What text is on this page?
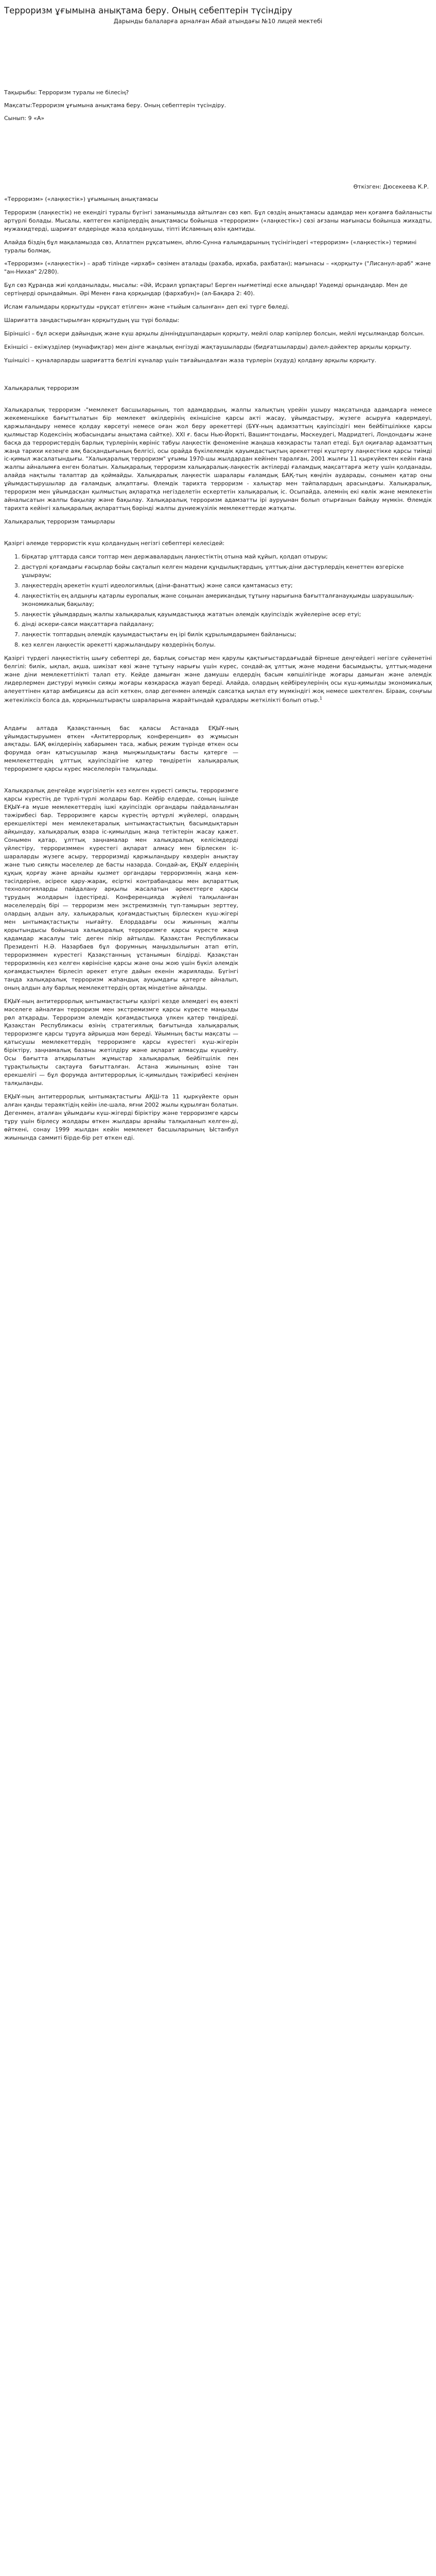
Терроризм ұғымына анықтама беру. Оның себептерін түсіндіру
Дарынды балаларға арналған Абай атындағы №10 лицей мектебі

Тақырыбы: Терроризм туралы не білесің?

Мақсаты:Терроризм ұғымына анықтама беру. Оның себептерін түсіндіру.

Сынып: 9 «А»

Өткізген: Дюсекеева К.Р.

«Терроризм» («лаңкестік») ұғымының анықтамасы

Терроризм (лаңкестік) не екендігі туралы бүгінгі заманымызда айтылған сөз көп. Бұл сөздің анықтамасы адамдар мен қоғамға байланысты әртүрлі болады. Мысалы, көптеген кәпірлердің анықтамасы бойынша «терроризм» («лаңкестік») сөзі ағзаны мағынасы бойынша жихадты, мужахидтерді, шариғат елдерінде жаза қолданушы, тіпті Исламның өзін қамтиды.

Алайда біздің бұл мақаламызда сөз, Аллатпен рұқсатымен, әһлю-Сунна ғалымдарының түсінігіндегі «терроризм» («лаңкестік») термині туралы болмақ.

«Терроризм» («лаңкестік») – араб тілінде «ирхаб» сөзімен аталады (рахаба, ирхаба, рахбатан); мағынасы – «қорқыту» ("Лисанул-араб" және "ан-Нихая" 2/280).

Бұл сөз Құранда жиі қолданылады, мысалы: «Әй, Исраил ұрпақтары! Берген нығметімді еске алыңдар! Уәдемді орындаңдар. Мен де сертіңерді орындаймын. Әрі Менен ғана қорқыңдар (фархабун)» (әл-Бақара 2: 40).

Ислам ғалымдары қорқытуды «рұқсат етілген» және «тыйым салынған» деп екі түрге бөледі.

Шариғатта заңдастырылған қорқытудың үш түрі болады:

Біріншісі – бұл әскери дайындық және күш арқылы дінніңдұшпандарын қорқыту, мейлі олар кәпірлер болсын, мейлі мұсылмандар болсын.

Екіншісі – екіжүзділер (мунафиқтар) мен дінге жаңалық енгізуді жақтаушыларды (бидғатшыларды) дәлел-дәйектер арқылы қорқыту.

Үшіншісі – қуналарларды шариғатта белгілі күналар үшін тағайындалған жаза түрлерін (худуд) қолдану арқылы қорқыту.

Халықаралық терроризм

Халықаралық терроризм -"мемлекет басшыларының, топ адамдардың, жалпы халықтың үрейін ушыру мақсатында адамдарға немесе жекеменшікке бағыттылатын бір мемлекет өкілдерінің екіншісіне қарсы акті жасау, ұйымдастыру, жүзеге асыруға көдермдеуі, қаржыландыру немесе қолдау көрсетуі немесе оған жол беру әрекеттері (БҰҰ-ның адамзаттың қауіпсіздігі мен бейбітшілікке қарсы қылмыстар Кодексінің жобасындағы анықтама сайтке). XXI ғ. басы Нью-Йоркті, Вашингтондағы, Мәскеудегі, Мадридтегі, Лондондағы және басқа да террористердің барлық түрлерінің көрініс табуы лаңкестік феноменіне жаңаша көзқарасты талап етеді. Бұл оқиғалар адамзаттың жаңа тарихи кезеңге аяқ басқандығының белгісі, осы орайда бүкілелемдік қауымдастықтың әрекеттері күштерту лаңкестікке қарсы тиімді іс-қимыл жасалатындығы. "Халықаралық терроризм" ұғымы 1970-шы жылдардан кейінен таралған, 2001 жылғы 11 қыркүйектен кейін ғана жалпы айналымға енген болатын. Халықаралық терроризм халықаралық-лаңкестік актілерді ғаламдық мақсаттарға жету үшін қолданады, алайда нақтылы талаптар да қоймайды. Халықаралық лаңкестік шаралары ғаламдық БАҚ-тың көңілін аударады, сонымен қатар оны ұйымдастырушылар да ғаламдық алқаптағы. Өлемдік тарихта терроризм - халықтар мен тайпалардың арасындағы. Халықаралық, терроризм мен ұйымдасқан қылмыстың ақпаратқа негізделетін ескертетін халықаралық іс. Осыпайда, әлемнің екі көлік және мемлекетін айналысатын жалпы бақылау және бақылау. Халықаралық терроризм адамзатты ірі ауруынан болып отырғанын байқау мүмкін. Өлемдік тарихта кейінгі халықаралық ақпараттың бәрінді жалпы дүниежүзілік мемлекеттерде жатқаты.

Халықаралық терроризм тамырлары

Қазіргі әлемде террористік күш қолданудың негізгі себептері келесідей:

1. бірқатар ұлттарда саяси топтар мен державалардың лаңкестіктің отына май құйып, қолдап отыруы;
2. дәстүрлі қоғамдағы ғасырлар бойы сақталып келген мәдени құндылықтардың, ұлттық-діни дәстүрлердің кенеттен өзгеріске ұшырауы;
3. лаңкестердің әрекетін күшті идеологиялық (діни-фанаттық) және саяси қамтамасыз ету;
4. лаңкестіктің ең алдыңғы қатарлы еуропалық және соңынан американдық тұтыну нарығына бағытталғанауқымды шаруашылық-экономикалық бақылау;
5. лаңкестік ұйымдардың жалпы халықаралық қауымдастыққа жататын әлемдік қауіпсіздік жүйелеріне әсер етуі;
6. дінді әскери-саяси мақсаттарға пайдалану;
7. лаңкестік топтардың әлемдік қауымдастықтағы ең ірі билік құрылымдарымен байланысы;
8. кез келген лаңкестік әрекетті қаржыландыру көздерінің болуы.

Қазіргі түрдегі лаңкестіктің шығу себептері де, барлық соғыстар мен қарулы қақтығыстардағыдай бірнеше деңгейдегі негізге сүйенетіні белгілі: билік, ықпал, ақша, шикізат көзі және тұтыну нарығы үшін күрес, сондай-ақ ұлттық және мәдени басымдықты, ұлттық-мәдени және діни мемлекеттілікті талап ету. Кейде дамыған және дамушы елдердің басым көпшілігінде жоғары дамыған және әлемдік лидерлермен дистуруі мүмкін сияқы жоғары көзқарасқа жауап береді. Алайда, олардың кейбіреулерінің осы күш-қимылды экономикалық әлеуеттінен қатар амбициясы да асіп кеткен, олар дегенмен әлемдік саясатқа ықпал ету мүмкіндігі жоқ немесе шектелген. Біраақ, соңғыы жетекіліксіз болса да, қорқыныштырақты шараларына жарайтындай құралдары жеткілікті болып отыр.$^1$

Алдағы алтада Қазақстанның бас қаласы Астанада ЕҚЫҰ-ның ұйымдастыруымен өткен «Антитеррорлық конференция» өз жұмысын аяқтады. БАҚ өкілдерінің хабарымен таса, жабық режим түрінде өткен осы форумда оған қатысушылар жаңа мыңжылдықтағы басты қатерге — мемлекеттердің ұлттық қауіпсіздігіне қатер төндіретін халықаралық терроризмге қарсы күрес мәселелерін талқылады.

Халықаралық деңгейде жүргізілетін кез келген күресті сияқты, терроризмге қарсы күрестің де түрлі-түрлі жолдары бар. Кейбір елдерде, соның ішінде ЕҚЫҰ-ға мүше мемлекеттердің ішкі қауіпсіздік органдары пайдаланылған тәжірибесі бар. Терроризмге қарсы күрестің әртүрлі жүйелері, олардың ерекшеліктері мен мемлекетаралық ынтымақтастықтың басымдықтарын айқындау, халықаралық өзара іс-қимылдың жаңа тетіктерін жасау қажет. Сонымен қатар, ұлттық заңнамалар мен халықаралық келісімдерді үйлестіру, терроризммен күрестегі ақпарат алмасу мен бірлескен іс-шараларды жүзеге асыру, терроризмді қаржыландыру көздерін анықтау және тыю сияқты мәселелер де басты назарда. Сондай-ақ, ЕҚЫҰ елдерінің құқық қорғау және арнайы қызмет органдары терроризмнің жаңа кем-тәсілдеріне, әсіресе қару-жарақ, есірткі контрабандасы мен ақпараттық технологияларды пайдалану арқылы жасалатын әрекеттерге қарсы тұрудың жолдарын іздестіреді. Конференцияда жүйелі талқыланған мәселелердің бірі — терроризм мен экстремизмнің түп-тамырын зерттеу, олардың алдын алу, халықаралық қоғамдастықтың бірлескен күш-жігері мен ынтымақтастықты нығайту. Елордадағы осы жиынның жалпы қорытындысы бойынша халықаралық терроризмге қарсы күресте жаңа қадамдар жасалуы тиіс деген пікір айтылды. Қазақстан Республикасы Президенті Н.Ә. Назарбаев бұл форумның маңыздылығын атап өтіп, терроризммен күрестегі Қазақстанның ұстанымын білдірді. Қазақстан терроризмнің кез келген көрінісіне қарсы және оны жою үшін бүкіл әлемдік қоғамдастықпен бірлесіп әрекет етуге дайын екенін жариялады. Бүгінгі таңда халықаралық терроризм жаһандық ауқымдағы қатерге айналып, оның алдын алу барлық мемлекеттердің ортақ міндетіне айналды.

ЕҚЫҰ-ның антитеррорлық ынтымақтастығы қазіргі кезде әлемдегі ең өзекті мәселеге айналған терроризм мен экстремизмге қарсы күресте маңызды рөл атқарады. Терроризм әлемдік қоғамдастыққа үлкен қатер төндіреді. Қазақстан Республикасы өзінің стратегиялық бағытында халықаралық терроризмге қарсы тұруға айрықша мән береді. Ұйымның басты мақсаты — қатысушы мемлекеттердің терроризмге қарсы күрестегі күш-жігерін біріктіру, заңнамалық базаны жетілдіру және ақпарат алмасуды күшейту. Осы бағытта атқарылатын жұмыстар халықаралық бейбітшілік пен тұрақтылықты сақтауға бағытталған. Астана жиынының өзіне тән ерекшелігі — бұл форумда антитеррорлық іс-қимылдың тәжірибесі кеңінен талқыланды.

ЕҚЫҰ-ның антитеррорлық ынтымақтастығы АҚШ-та 11 қыркүйекте орын алған қанды тераяктідің кейін іле-шала, яғни 2002 жылы құрылған болатын. Дегенмен, аталған ұйымдағы күш-жігерді біріктіру және терроризмге қарсы тұру үшін бірлесу жолдары өткен жылдары арнайы талқыланып келген-ді, өйткені, сонау 1999 жылдан кейін мемлекет басшыларының Ыстанбул жиынында саммиті бірде-бір рет өткен еді.
